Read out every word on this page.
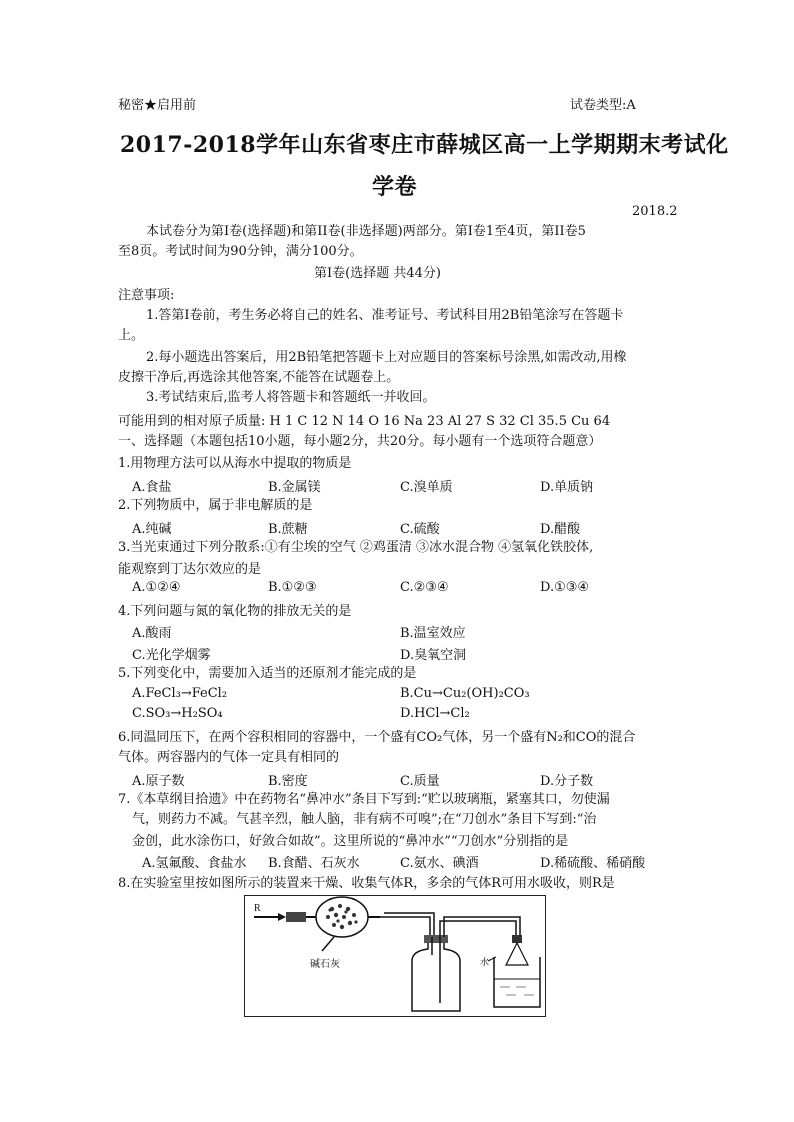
秘密★启用前	试卷类型:A
2017-2018学年山东省枣庄市薛城区高一上学期期末考试化
学卷
2018.2
本试卷分为第I卷(选择题)和第II卷(非选择题)两部分。第I卷1至4页，第II卷5
至8页。考试时间为90分钟，满分100分。
第I卷(选择题 共44分)
注意事项:
1.答第I卷前，考生务必将自己的姓名、准考证号、考试科目用2B铅笔涂写在答题卡
上。
2.每小题选出答案后，用2B铅笔把答题卡上对应题目的答案标号涂黑,如需改动,用橡
皮擦干净后,再选涂其他答案,不能答在试题卷上。
3.考试结束后,监考人将答题卡和答题纸一并收回。
可能用到的相对原子质量: H 1 C 12 N 14 O 16 Na 23 Al 27 S 32 Cl 35.5 Cu 64
一、选择题（本题包括10小题，每小题2分，共20分。每小题有一个选项符合题意）
1.用物理方法可以从海水中提取的物质是
A.食盐	B.金属镁	C.溴单质	D.单质钠
2.下列物质中，属于非电解质的是
A.纯碱	B.蔗糖	C.硫酸	D.醋酸
3.当光束通过下列分散系:①有尘埃的空气 ②鸡蛋清 ③冰水混合物 ④氢氧化铁胶体,
能观察到丁达尔效应的是
A.①②④	B.①②③	C.②③④	D.①③④
4.下列问题与氮的氧化物的排放无关的是
A.酸雨	B.温室效应
C.光化学烟雾	D.臭氧空洞
5.下列变化中，需要加入适当的还原剂才能完成的是
A.FeCl₃→FeCl₂	B.Cu→Cu₂(OH)₂CO₃
C.SO₃→H₂SO₄	D.HCl→Cl₂
6.同温同压下，在两个容积相同的容器中，一个盛有CO₂气体，另一个盛有N₂和CO的混合
气体。两容器内的气体一定具有相同的
A.原子数	B.密度	C.质量	D.分子数
7.《本草纲目拾遗》中在药物名“鼻冲水”条目下写到:“贮以玻璃瓶，紧塞其口，勿使漏
气，则药力不减。气甚辛烈，触人脑，非有病不可嗅”;在“刀创水”条目下写到:“治
金创，此水涂伤口，好敛合如故”。这里所说的“鼻冲水”“刀创水”分别指的是
A.氢氟酸、食盐水 B.食醋、石灰水	C.氨水、碘酒	D.稀硫酸、稀硝酸
8.在实验室里按如图所示的装置来干燥、收集气体R，多余的气体R可用水吸收，则R是
R
碱石灰	水
